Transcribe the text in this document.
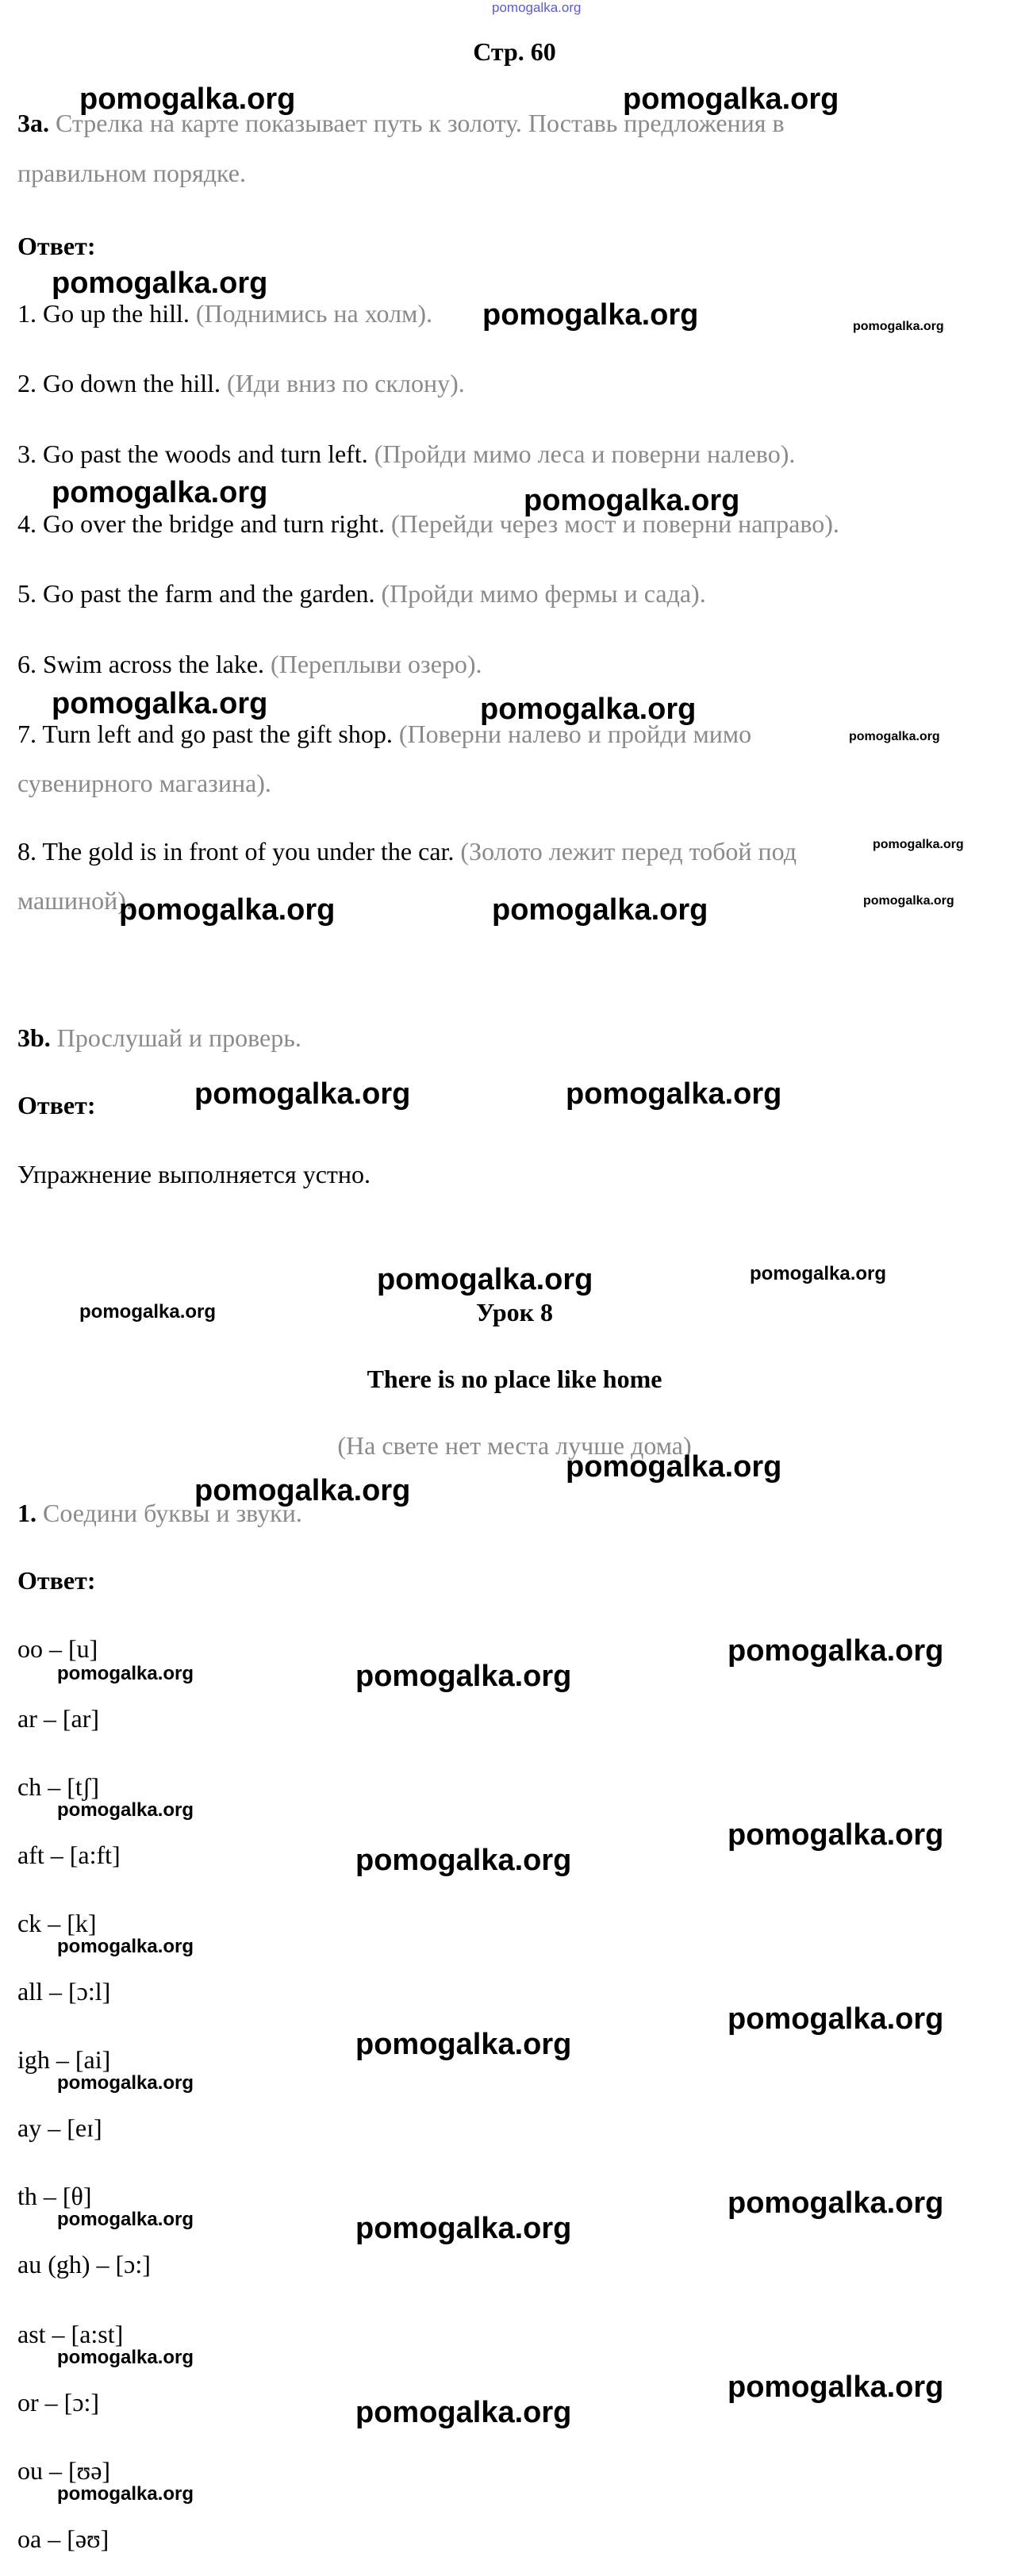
pomogalka.org
Стр. 60
3a. Стрелка на карте показывает путь к золоту. Поставь предложения в
правильном порядке.
Ответ:
1. Go up the hill. (Поднимись на холм).
2. Go down the hill. (Иди вниз по склону).
3. Go past the woods and turn left. (Пройди мимо леса и поверни налево).
4. Go over the bridge and turn right. (Перейди через мост и поверни направо).
5. Go past the farm and the garden. (Пройди мимо фермы и сада).
6. Swim across the lake. (Переплыви озеро).
7. Turn left and go past the gift shop. (Поверни налево и пройди мимо
сувенирного магазина).
8. The gold is in front of you under the car. (Золото лежит перед тобой под
машиной).
3b. Прослушай и проверь.
Ответ:
Упражнение выполняется устно.
Урок 8
There is no place like home
(На свете нет места лучше дома)
1. Соедини буквы и звуки.
Ответ:
oo – [u]
ar – [ar]
ch – [tʃ]
aft – [a:ft]
ck – [k]
all – [ɔ:l]
igh – [ai]
ay – [eɪ]
th – [θ]
au (gh) – [ɔ:]
ast – [a:st]
or – [ɔ:]
ou – [ʊə]
oa – [əʊ]
pomogalka.org	pomogalka.org
pomogalka.org
pomogalka.org	pomogalka.org
pomogalka.org	pomogalka.org
pomogalka.org
pomogalka.org
pomogalka.org
pomogalka.org
pomogalka.org
pomogalka.org	pomogalka.org
pomogalka.org	pomogalka.org
pomogalka.org	pomogalka.org
pomogalka.org
pomogalka.org
pomogalka.org
pomogalka.org	pomogalka.org
pomogalka.org
pomogalka.org
pomogalka.org
pomogalka.org
pomogalka.org
pomogalka.org
pomogalka.org
pomogalka.org
pomogalka.org	pomogalka.org
pomogalka.org
pomogalka.org
pomogalka.org
pomogalka.org
pomogalka.org
